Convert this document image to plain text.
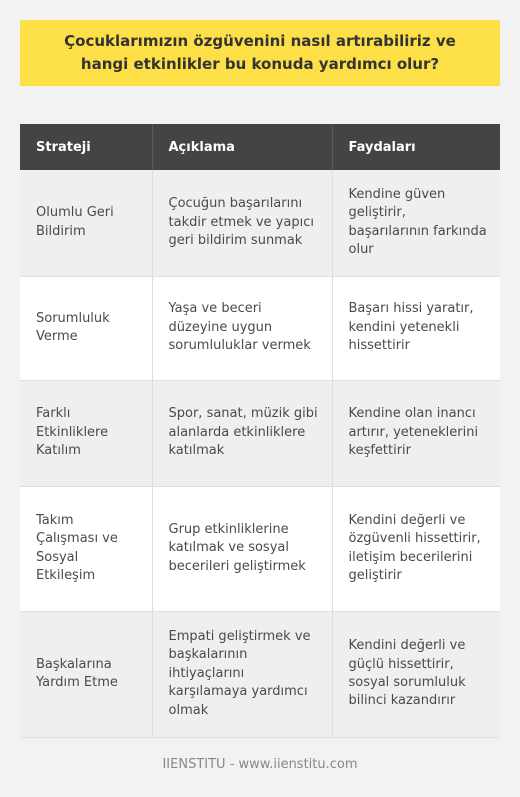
Çocuklarımızın özgüvenini nasıl artırabiliriz ve hangi etkinlikler bu konuda yardımcı olur?
Strateji	Açıklama	Faydaları
Olumlu Geri Bildirim	Çocuğun başarılarını takdir etmek ve yapıcı geri bildirim sunmak	Kendine güven geliştirir, başarılarının farkında olur
Sorumluluk Verme	Yaşa ve beceri düzeyine uygun sorumluluklar vermek	Başarı hissi yaratır, kendini yetenekli hissettirir
Farklı Etkinliklere Katılım	Spor, sanat, müzik gibi alanlarda etkinliklere katılmak	Kendine olan inancı artırır, yeteneklerini keşfettirir
Takım Çalışması ve Sosyal Etkileşim	Grup etkinliklerine katılmak ve sosyal becerileri geliştirmek	Kendini değerli ve özgüvenli hissettirir, iletişim becerilerini geliştirir
Başkalarına Yardım Etme	Empati geliştirmek ve başkalarının ihtiyaçlarını karşılamaya yardımcı olmak	Kendini değerli ve güçlü hissettirir, sosyal sorumluluk bilinci kazandırır
IIENSTITU - www.iienstitu.com
